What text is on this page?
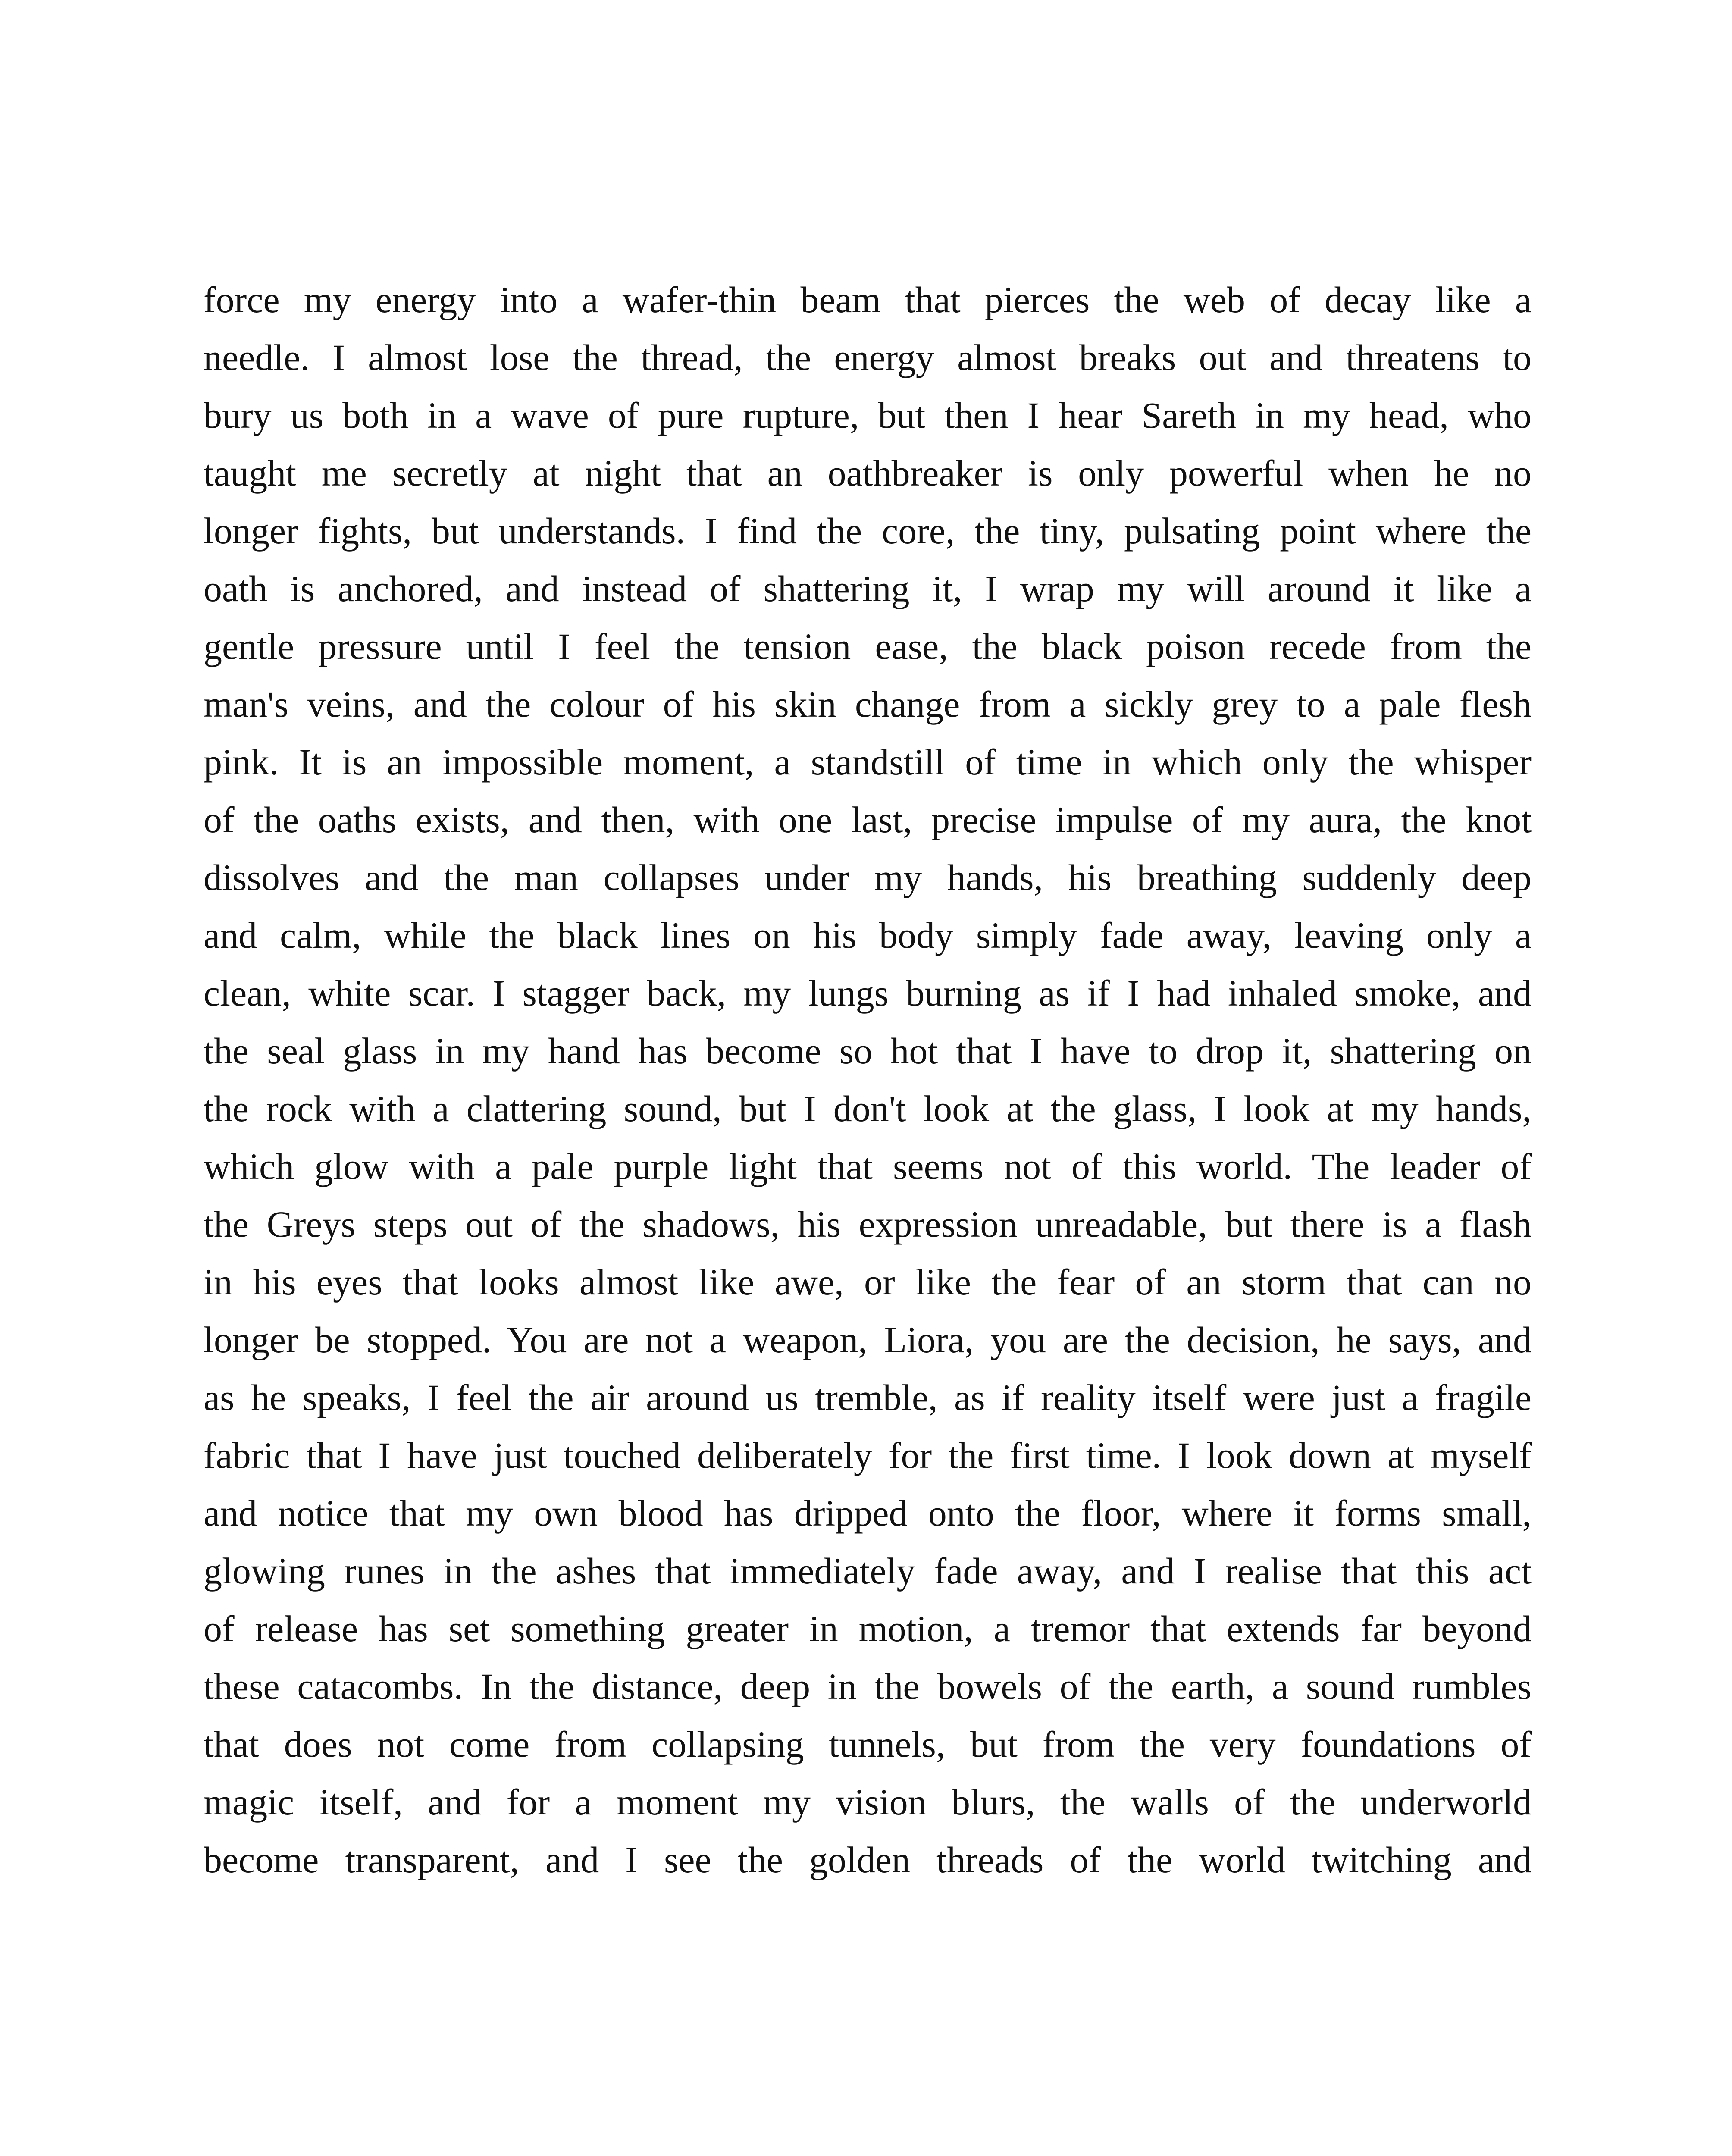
force my energy into a wafer-thin beam that pierces the web of decay like a
needle. I almost lose the thread, the energy almost breaks out and threatens to
bury us both in a wave of pure rupture, but then I hear Sareth in my head, who
taught me secretly at night that an oathbreaker is only powerful when he no
longer fights, but understands. I find the core, the tiny, pulsating point where the
oath is anchored, and instead of shattering it, I wrap my will around it like a
gentle pressure until I feel the tension ease, the black poison recede from the
man's veins, and the colour of his skin change from a sickly grey to a pale flesh
pink. It is an impossible moment, a standstill of time in which only the whisper
of the oaths exists, and then, with one last, precise impulse of my aura, the knot
dissolves and the man collapses under my hands, his breathing suddenly deep
and calm, while the black lines on his body simply fade away, leaving only a
clean, white scar. I stagger back, my lungs burning as if I had inhaled smoke, and
the seal glass in my hand has become so hot that I have to drop it, shattering on
the rock with a clattering sound, but I don't look at the glass, I look at my hands,
which glow with a pale purple light that seems not of this world. The leader of
the Greys steps out of the shadows, his expression unreadable, but there is a flash
in his eyes that looks almost like awe, or like the fear of an storm that can no
longer be stopped. You are not a weapon, Liora, you are the decision, he says, and
as he speaks, I feel the air around us tremble, as if reality itself were just a fragile
fabric that I have just touched deliberately for the first time. I look down at myself
and notice that my own blood has dripped onto the floor, where it forms small,
glowing runes in the ashes that immediately fade away, and I realise that this act
of release has set something greater in motion, a tremor that extends far beyond
these catacombs. In the distance, deep in the bowels of the earth, a sound rumbles
that does not come from collapsing tunnels, but from the very foundations of
magic itself, and for a moment my vision blurs, the walls of the underworld
become transparent, and I see the golden threads of the world twitching and
